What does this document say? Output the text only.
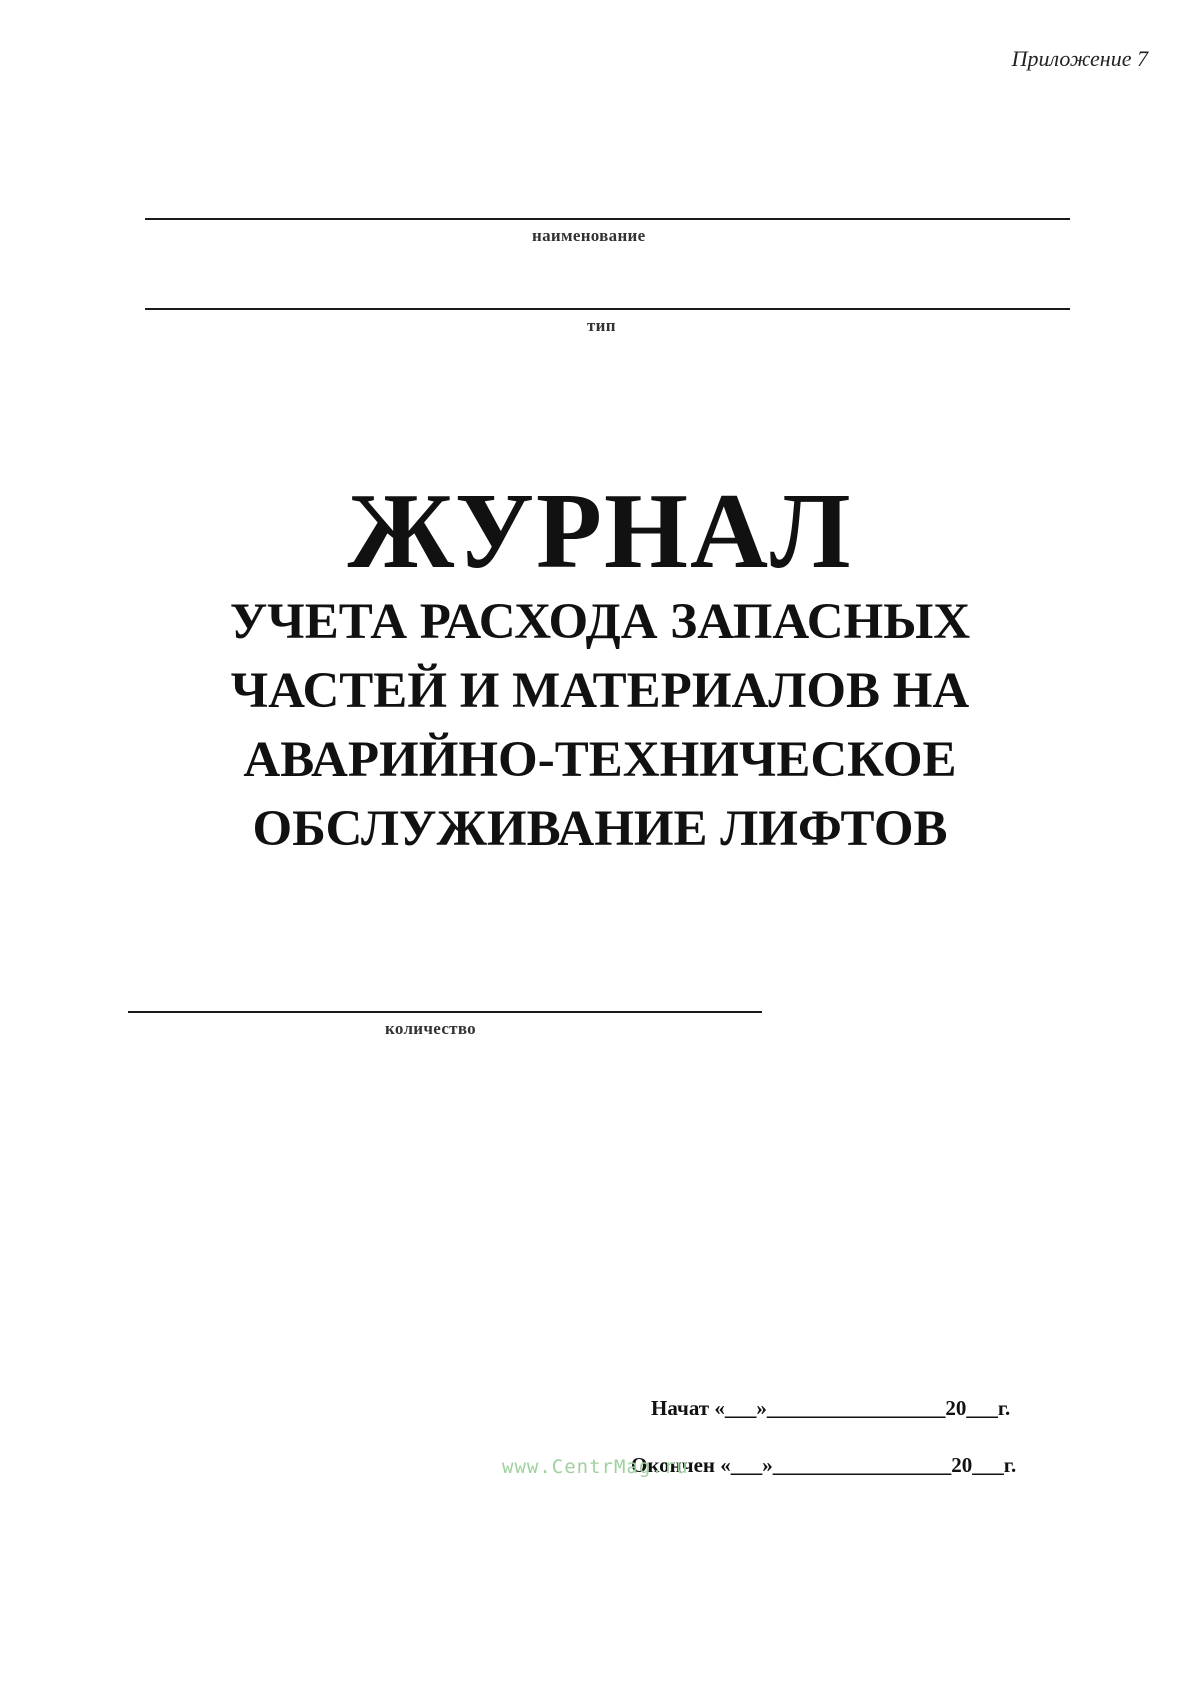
Приложение 7
наименование
тип
ЖУРНАЛ
УЧЕТА РАСХОДА ЗАПАСНЫХ
ЧАСТЕЙ И МАТЕРИАЛОВ НА
АВАРИЙНО-ТЕХНИЧЕСКОЕ
ОБСЛУЖИВАНИЕ ЛИФТОВ
количество
Начат «___»_________________20___г.
Окончен «___»_________________20___г.
www.CentrMag.ru
